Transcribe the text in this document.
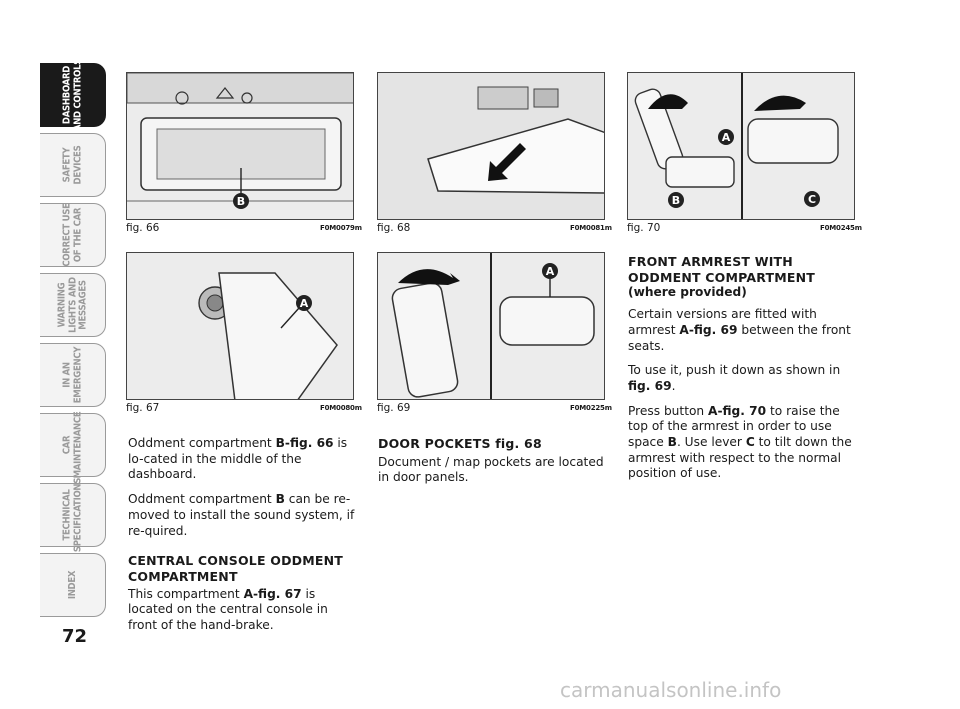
DASHBOARD
AND CONTROLS
SAFETY
DEVICES
CORRECT USE
OF THE CAR
WARNING
LIGHTS AND
MESSAGES
IN AN
EMERGENCY
CAR
MAINTENANCE
TECHNICAL
SPECIFICATIONS
INDEX
72
B
fig. 66	F0M0079m
A
fig. 67	F0M0080m
fig. 68	F0M0081m
A
fig. 69	F0M0225m
A
B	C
fig. 70	F0M0245m

Oddment compartment B-fig. 66 is lo-cated in the middle of the dashboard.

Oddment compartment B can be re-moved to install the sound system, if re-quired.

CENTRAL CONSOLE ODDMENT COMPARTMENT

This compartment A-fig. 67 is located on the central console in front of the hand-brake.

DOOR POCKETS fig. 68

Document / map pockets are located in door panels.

FRONT ARMREST WITH ODDMENT COMPARTMENT

(where provided)

Certain versions are fitted with armrest A-fig. 69 between the front seats.

To use it, push it down as shown in fig. 69.

Press button A-fig. 70 to raise the top of the armrest in order to use space B. Use lever C to tilt down the armrest with respect to the normal position of use.

carmanualsonline.info
